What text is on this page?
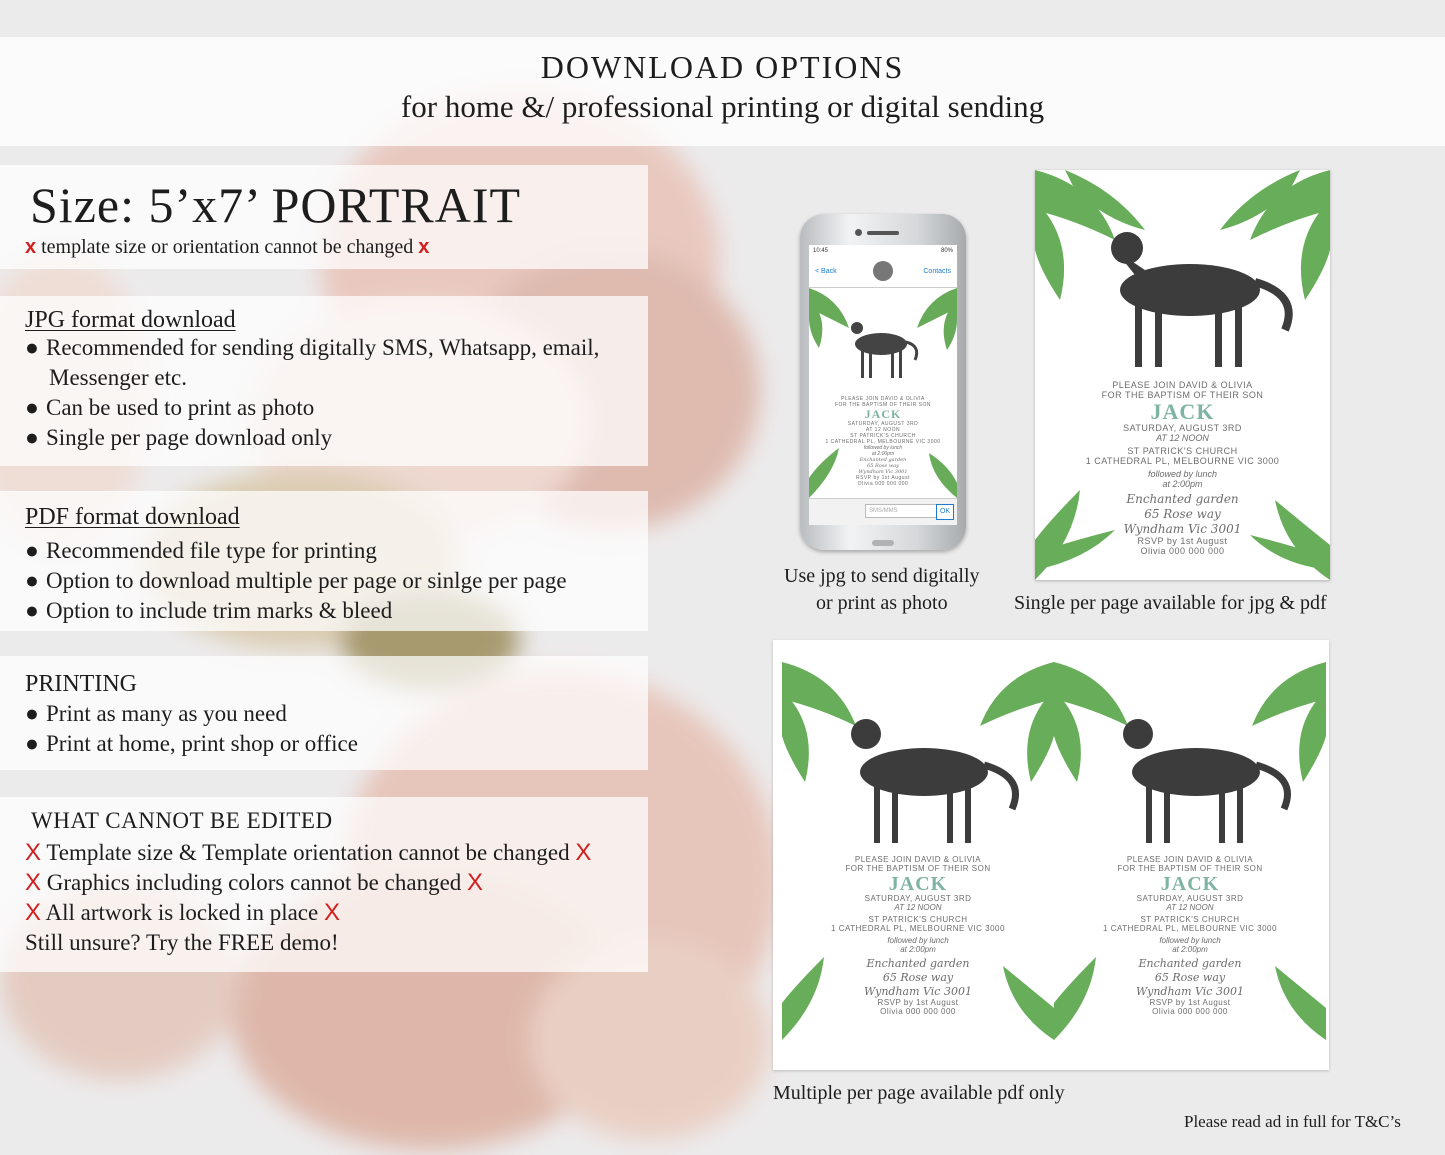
DOWNLOAD OPTIONS
for home &/ professional printing or digital sending
Size: 5’x7’ PORTRAIT
x template size or orientation cannot be changed x
JPG format download
● Recommended for sending digitally SMS, Whatsapp, email,
Messenger etc.
● Can be used to print as photo
● Single per page download only
PDF format download
● Recommended file type for printing
● Option to download multiple per page or sinlge per page
● Option to include trim marks & bleed
PRINTING
● Print as many as you need
● Print at home, print shop or office
WHAT CANNOT BE EDITED
X Template size & Template orientation cannot be changed X
X Graphics including colors cannot be changed X
X All artwork is locked in place X
Still unsure? Try the FREE demo!
10:45	80%
< Back	Contacts
PLEASE JOIN DAVID & OLIVIA
FOR THE BAPTISM OF THEIR SON
JACK
SATURDAY, AUGUST 3RD
AT 12 NOON
ST PATRICK'S CHURCH
1 CATHEDRAL PL, MELBOURNE VIC 3000
followed by lunch
at 2:00pm
Enchanted garden
65 Rose way
Wyndham Vic 3001
RSVP by 1st August
Olivia 000 000 000
SMS/MMS	OK
Use jpg to send digitally
or print as photo
PLEASE JOIN DAVID & OLIVIA
FOR THE BAPTISM OF THEIR SON
JACK
SATURDAY, AUGUST 3RD
AT 12 NOON
ST PATRICK'S CHURCH
1 CATHEDRAL PL, MELBOURNE VIC 3000
followed by lunch
at 2:00pm
Enchanted garden
65 Rose way
Wyndham Vic 3001
RSVP by 1st August
Olivia 000 000 000
Single per page available for jpg & pdf
PLEASE JOIN DAVID & OLIVIA
FOR THE BAPTISM OF THEIR SON
JACK
SATURDAY, AUGUST 3RD
AT 12 NOON
ST PATRICK'S CHURCH
1 CATHEDRAL PL, MELBOURNE VIC 3000
followed by lunch
at 2:00pm
Enchanted garden
65 Rose way
Wyndham Vic 3001
RSVP by 1st August
Olivia 000 000 000
PLEASE JOIN DAVID & OLIVIA
FOR THE BAPTISM OF THEIR SON
JACK
SATURDAY, AUGUST 3RD
AT 12 NOON
ST PATRICK'S CHURCH
1 CATHEDRAL PL, MELBOURNE VIC 3000
followed by lunch
at 2:00pm
Enchanted garden
65 Rose way
Wyndham Vic 3001
RSVP by 1st August
Olivia 000 000 000
Multiple per page available pdf only
Please read ad in full for T&C’s
